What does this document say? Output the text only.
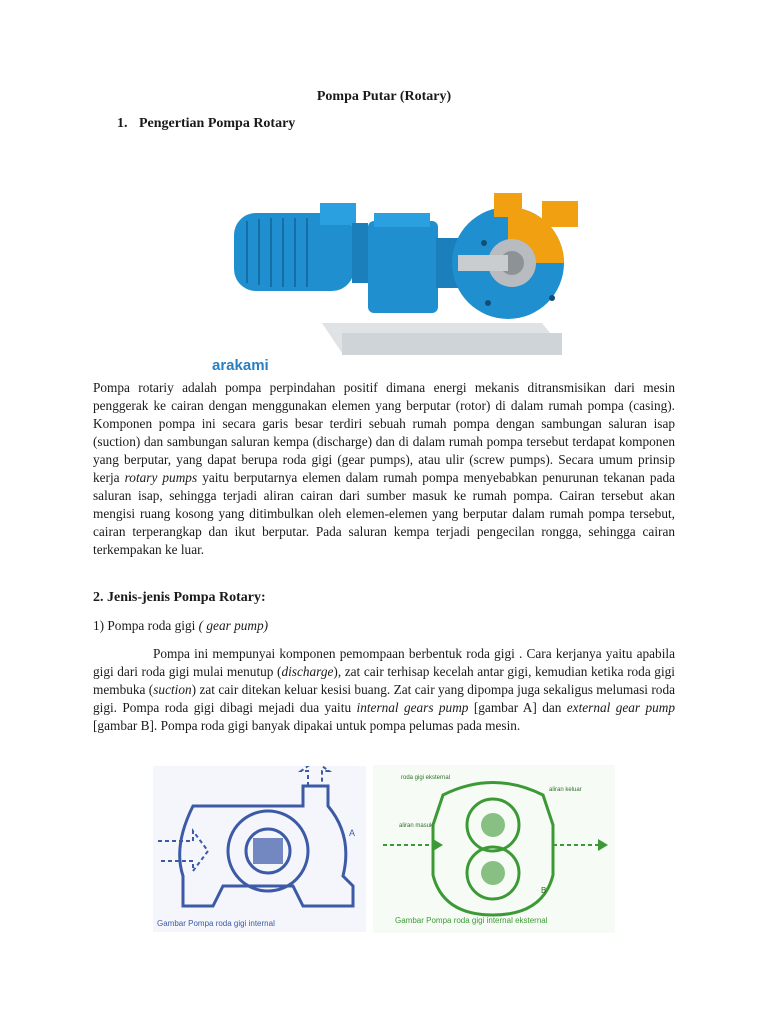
Pompa Putar (Rotary)
1. Pengertian Pompa Rotary
arakami

Pompa rotariy adalah pompa perpindahan positif dimana energi mekanis ditransmisikan dari mesin penggerak ke cairan dengan menggunakan elemen yang berputar (rotor) di dalam rumah pompa (casing). Komponen pompa ini secara garis besar terdiri sebuah rumah pompa dengan sambungan saluran isap (suction) dan sambungan saluran kempa (discharge) dan di dalam rumah pompa tersebut terdapat komponen yang berputar, yang dapat berupa roda gigi (gear pumps), atau ulir (screw pumps). Secara umum prinsip kerja rotary pumps yaitu berputarnya elemen dalam rumah pompa menyebabkan penurunan tekanan pada saluran isap, sehingga terjadi aliran cairan dari sumber masuk ke rumah pompa. Cairan tersebut akan mengisi ruang kosong yang ditimbulkan oleh elemen-elemen yang berputar dalam rumah pompa tersebut, cairan terperangkap dan ikut berputar. Pada saluran kempa terjadi pengecilan rongga, sehingga cairan terkempakan ke luar.

2. Jenis-jenis Pompa Rotary:
1) Pompa roda gigi ( gear pump)

Pompa ini mempunyai komponen pemompaan berbentuk roda gigi . Cara kerjanya yaitu apabila gigi dari roda gigi mulai menutup (discharge), zat cair terhisap kecelah antar gigi, kemudian ketika roda gigi membuka (suction) zat cair ditekan keluar kesisi buang. Zat cair yang dipompa juga sekaligus melumasi roda gigi. Pompa roda gigi dibagi mejadi dua yaitu internal gears pump [gambar A] dan external gear pump [gambar B]. Pompa roda gigi banyak dipakai untuk pompa pelumas pada mesin.

A
Gambar Pompa roda gigi internal
roda gigi eksternal
aliran keluar
aliran masuk
B
Gambar Pompa roda gigi internal eksternal
